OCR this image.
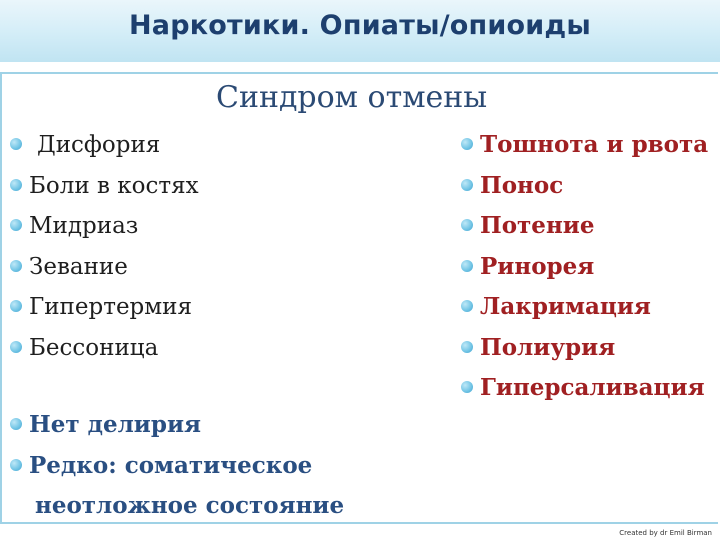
Наркотики. Опиаты/опиоиды
Синдром отмены
Дисфория
Боли в костях
Мидриаз
Зевание
Гипертермия
Бессоница
Тошнота и рвота
Понос
Потение
Ринорея
Лакримация
Полиурия
Гиперсаливация
Нет делирия
Редко: соматическое
неотложное состояние
Created by dr Emil Birman
